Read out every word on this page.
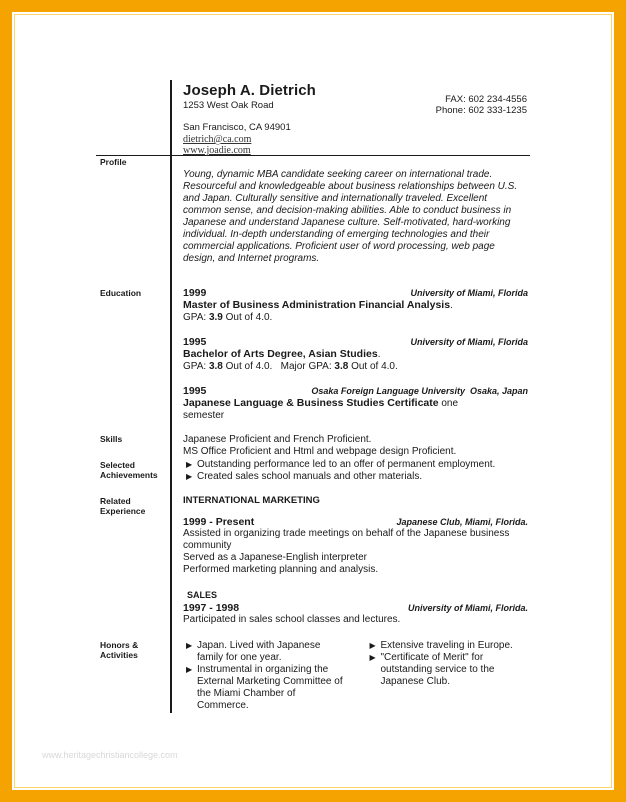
Joseph A. Dietrich
1253 West Oak Road
San Francisco, CA 94901
dietrich@ca.com
www.joadie.com
FAX: 602 234-4556
Phone: 602 333-1235
Profile
Young, dynamic MBA candidate seeking career on international trade. Resourceful and knowledgeable about business relationships between U.S. and Japan. Culturally sensitive and internationally traveled. Excellent common sense, and decision-making abilities. Able to conduct business in Japanese and understand Japanese culture. Self-motivated, hard-working individual. In-depth understanding of emerging technologies and their commercial applications. Proficient user of word processing, web page design, and Internet programs.
Education	1999	University of Miami, Florida
Master of Business Administration Financial Analysis.
GPA: 3.9 Out of 4.0.
1995	University of Miami, Florida
Bachelor of Arts Degree, Asian Studies.
GPA: 3.8 Out of 4.0.   Major GPA: 3.8 Out of 4.0.
1995	Osaka Foreign Language University  Osaka, Japan
Japanese Language & Business Studies Certificate one
semester
Skills	Japanese Proficient and French Proficient.
MS Office Proficient and Html and webpage design Proficient.
Selected Achievements
▶ Outstanding performance led to an offer of permanent employment.
▶ Created sales school manuals and other materials.
Related Experience
INTERNATIONAL MARKETING
1999 - Present	Japanese Club, Miami, Florida.
Assisted in organizing trade meetings on behalf of the Japanese business community
Served as a Japanese-English interpreter
Performed marketing planning and analysis.
SALES
1997 - 1998	University of Miami, Florida.
Participated in sales school classes and lectures.
Honors & Activities
▶ Japan. Lived with Japanese family for one year.
▶ Instrumental in organizing the External Marketing Committee of the Miami Chamber of Commerce.
▶ Extensive traveling in Europe.
▶ "Certificate of Merit" for outstanding service to the Japanese Club.
www.heritagechristiancollege.com
